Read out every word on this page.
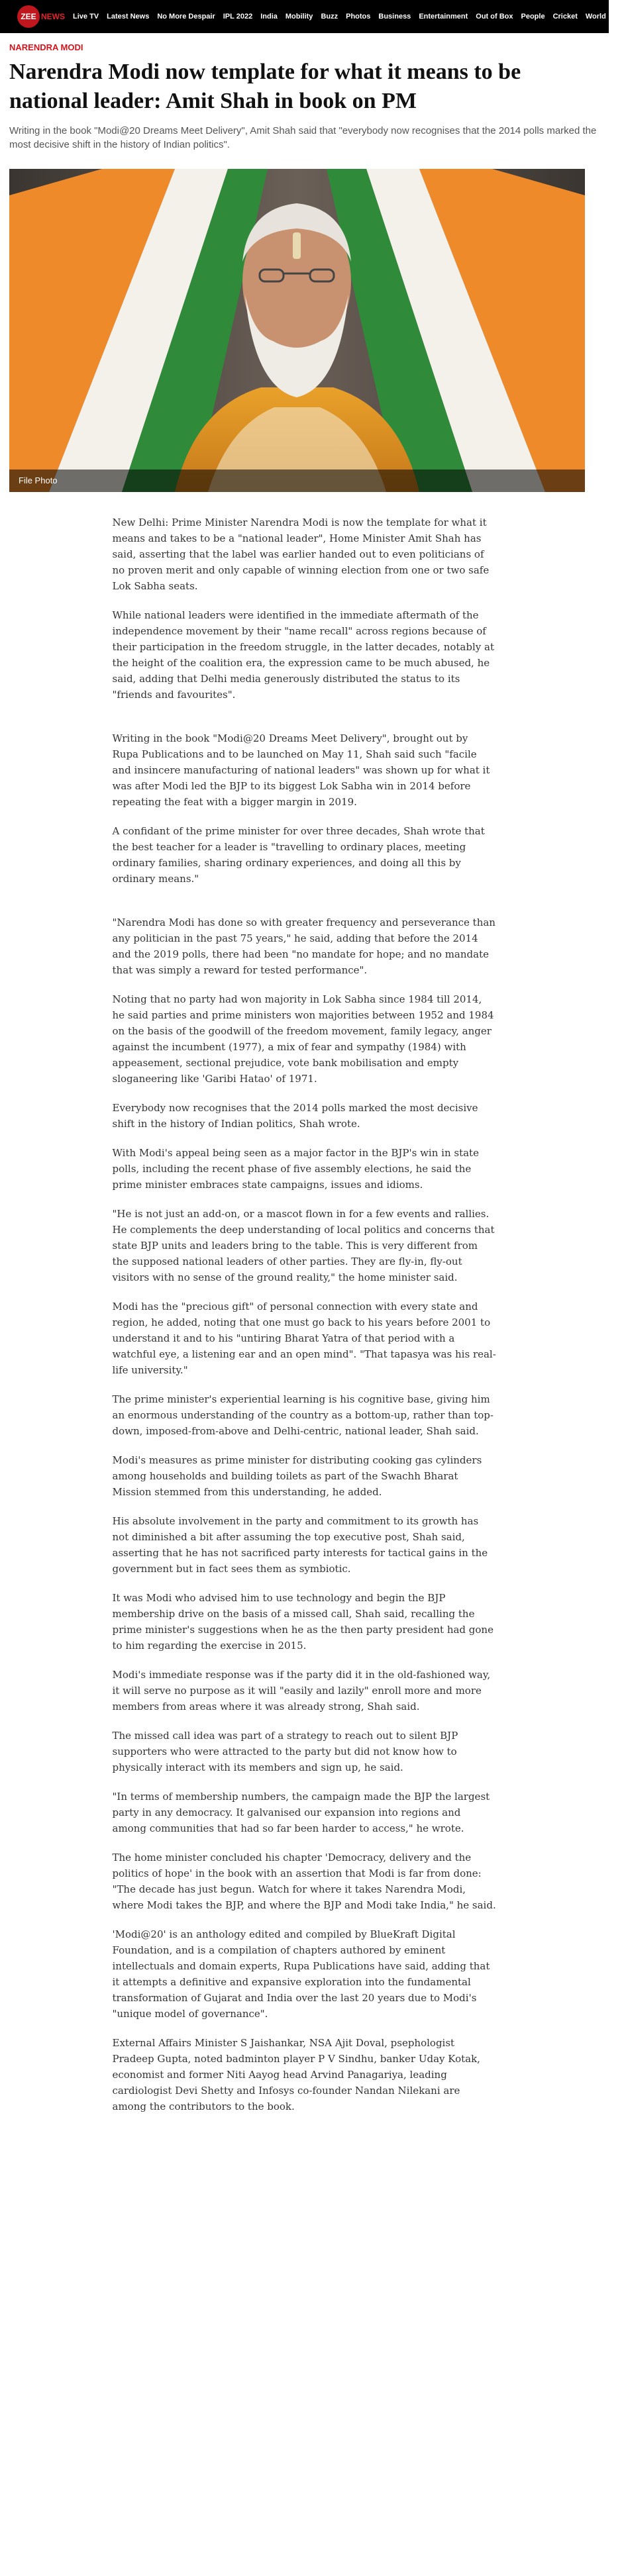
ZEE NEWS Live TV Latest News No More Despair IPL 2022 India Mobility Buzz Photos Business Entertainment Out of Box People Cricket World . . .
NARENDRA MODI
Narendra Modi now template for what it means to be national leader: Amit Shah in book on PM

Writing in the book "Modi@20 Dreams Meet Delivery", Amit Shah said that "everybody now recognises that the 2014 polls marked the most decisive shift in the history of Indian politics".

File Photo

New Delhi: Prime Minister Narendra Modi is now the template for what it means and takes to be a "national leader", Home Minister Amit Shah has said, asserting that the label was earlier handed out to even politicians of no proven merit and only capable of winning election from one or two safe Lok Sabha seats.

While national leaders were identified in the immediate aftermath of the independence movement by their "name recall" across regions because of their participation in the freedom struggle, in the latter decades, notably at the height of the coalition era, the expression came to be much abused, he said, adding that Delhi media generously distributed the status to its "friends and favourites".

Writing in the book "Modi@20 Dreams Meet Delivery", brought out by Rupa Publications and to be launched on May 11, Shah said such "facile and insincere manufacturing of national leaders" was shown up for what it was after Modi led the BJP to its biggest Lok Sabha win in 2014 before repeating the feat with a bigger margin in 2019.

A confidant of the prime minister for over three decades, Shah wrote that the best teacher for a leader is "travelling to ordinary places, meeting ordinary families, sharing ordinary experiences, and doing all this by ordinary means."

"Narendra Modi has done so with greater frequency and perseverance than any politician in the past 75 years," he said, adding that before the 2014 and the 2019 polls, there had been "no mandate for hope; and no mandate that was simply a reward for tested performance".

Noting that no party had won majority in Lok Sabha since 1984 till 2014, he said parties and prime ministers won majorities between 1952 and 1984 on the basis of the goodwill of the freedom movement, family legacy, anger against the incumbent (1977), a mix of fear and sympathy (1984) with appeasement, sectional prejudice, vote bank mobilisation and empty sloganeering like 'Garibi Hatao' of 1971.

Everybody now recognises that the 2014 polls marked the most decisive shift in the history of Indian politics, Shah wrote.

With Modi's appeal being seen as a major factor in the BJP's win in state polls, including the recent phase of five assembly elections, he said the prime minister embraces state campaigns, issues and idioms.

"He is not just an add-on, or a mascot flown in for a few events and rallies. He complements the deep understanding of local politics and concerns that state BJP units and leaders bring to the table. This is very different from the supposed national leaders of other parties. They are fly-in, fly-out visitors with no sense of the ground reality," the home minister said.

Modi has the "precious gift" of personal connection with every state and region, he added, noting that one must go back to his years before 2001 to understand it and to his "untiring Bharat Yatra of that period with a watchful eye, a listening ear and an open mind". "That tapasya was his real-life university."

The prime minister's experiential learning is his cognitive base, giving him an enormous understanding of the country as a bottom-up, rather than top-down, imposed-from-above and Delhi-centric, national leader, Shah said.

Modi's measures as prime minister for distributing cooking gas cylinders among households and building toilets as part of the Swachh Bharat Mission stemmed from this understanding, he added.

His absolute involvement in the party and commitment to its growth has not diminished a bit after assuming the top executive post, Shah said, asserting that he has not sacrificed party interests for tactical gains in the government but in fact sees them as symbiotic.

It was Modi who advised him to use technology and begin the BJP membership drive on the basis of a missed call, Shah said, recalling the prime minister's suggestions when he as the then party president had gone to him regarding the exercise in 2015.

Modi's immediate response was if the party did it in the old-fashioned way, it will serve no purpose as it will "easily and lazily" enroll more and more members from areas where it was already strong, Shah said.

The missed call idea was part of a strategy to reach out to silent BJP supporters who were attracted to the party but did not know how to physically interact with its members and sign up, he said.

"In terms of membership numbers, the campaign made the BJP the largest party in any democracy. It galvanised our expansion into regions and among communities that had so far been harder to access," he wrote.

The home minister concluded his chapter 'Democracy, delivery and the politics of hope' in the book with an assertion that Modi is far from done: "The decade has just begun. Watch for where it takes Narendra Modi, where Modi takes the BJP, and where the BJP and Modi take India," he said.

'Modi@20' is an anthology edited and compiled by BlueKraft Digital Foundation, and is a compilation of chapters authored by eminent intellectuals and domain experts, Rupa Publications have said, adding that it attempts a definitive and expansive exploration into the fundamental transformation of Gujarat and India over the last 20 years due to Modi's "unique model of governance".

External Affairs Minister S Jaishankar, NSA Ajit Doval, psephologist Pradeep Gupta, noted badminton player P V Sindhu, banker Uday Kotak, economist and former Niti Aayog head Arvind Panagariya, leading cardiologist Devi Shetty and Infosys co-founder Nandan Nilekani are among the contributors to the book.
